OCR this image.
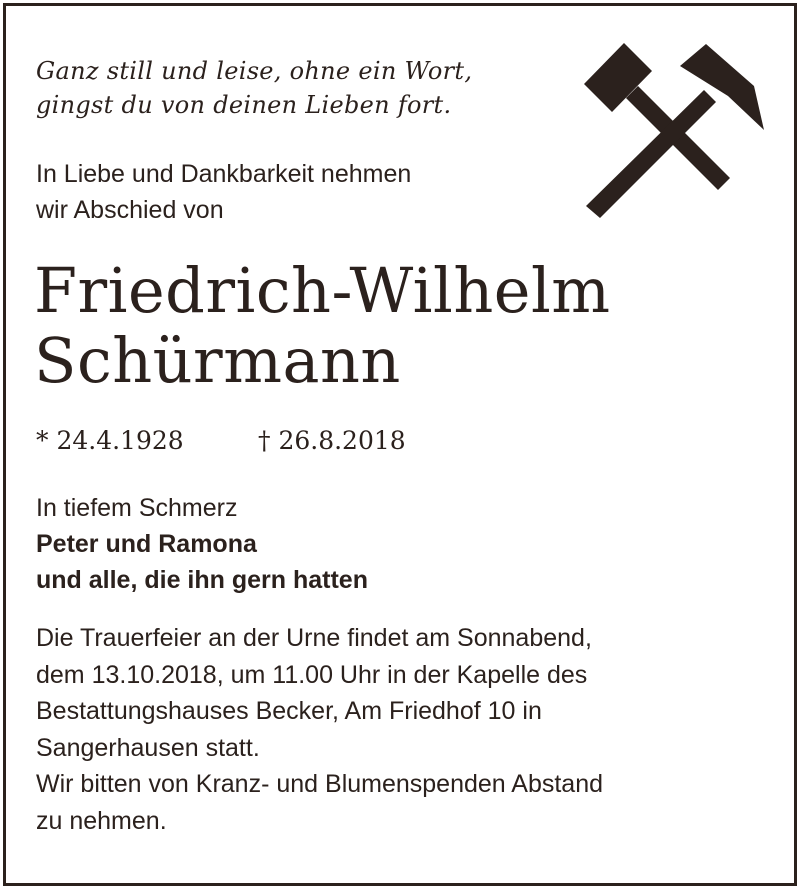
Ganz still und leise, ohne ein Wort,
gingst du von deinen Lieben fort.
In Liebe und Dankbarkeit nehmen
wir Abschied von
Friedrich-Wilhelm
Schürmann
* 24.4.1928	† 26.8.2018
In tiefem Schmerz
Peter und Ramona
und alle, die ihn gern hatten
Die Trauerfeier an der Urne findet am Sonnabend,
dem 13.10.2018, um 11.00 Uhr in der Kapelle des
Bestattungshauses Becker, Am Friedhof 10 in
Sangerhausen statt.
Wir bitten von Kranz- und Blumenspenden Abstand
zu nehmen.
